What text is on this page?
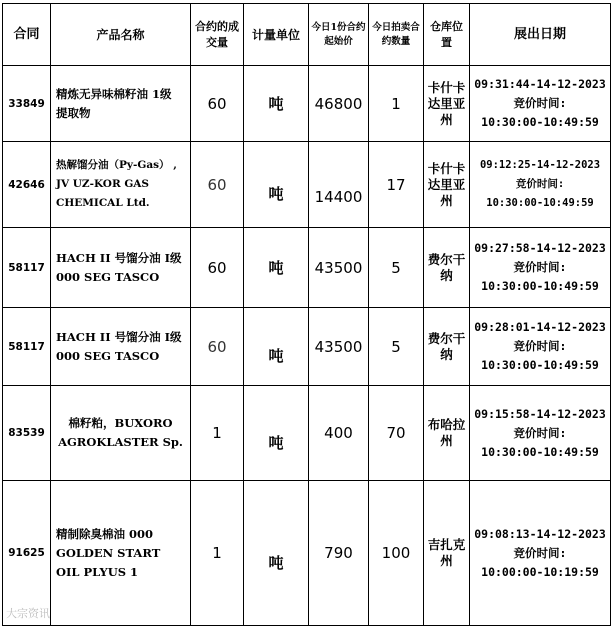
合同	产品名称	合约的成交量	计量单位	今日1份合约起始价	今日拍卖合约数量	仓库位置	展出日期
33849	精炼无异味棉籽油 1级 提取物	60	吨	46800	1	卡什卡达里亚州	09:31:44-14-12-2023
竞价时间:
10:30:00-10:49:59

42646	热解馏分油（Py-Gas） , JV UZ-KOR GAS CHEMICAL Ltd.	60	吨	14400	17	卡什卡达里亚州	09:12:25-14-12-2023
竞价时间:
10:30:00-10:49:59

58117	HACH II 号馏分油 I级 000 SEG TASCO	60	吨	43500	5	费尔干纳	09:27:58-14-12-2023
竞价时间:
10:30:00-10:49:59

58117	HACH II 号馏分油 I级 000 SEG TASCO	60	吨	43500	5	费尔干纳	09:28:01-14-12-2023
竞价时间:
10:30:00-10:49:59

83539	棉籽粕，BUXORO AGROKLASTER Sp.	1	吨	400	70	布哈拉州	09:15:58-14-12-2023
竞价时间:
10:30:00-10:49:59

91625	精制除臭棉油 000 GOLDEN START OIL PLYUS 1	1	吨	790	100	吉扎克州	09:08:13-14-12-2023
竞价时间:
10:00:00-10:19:59
大宗资讯
